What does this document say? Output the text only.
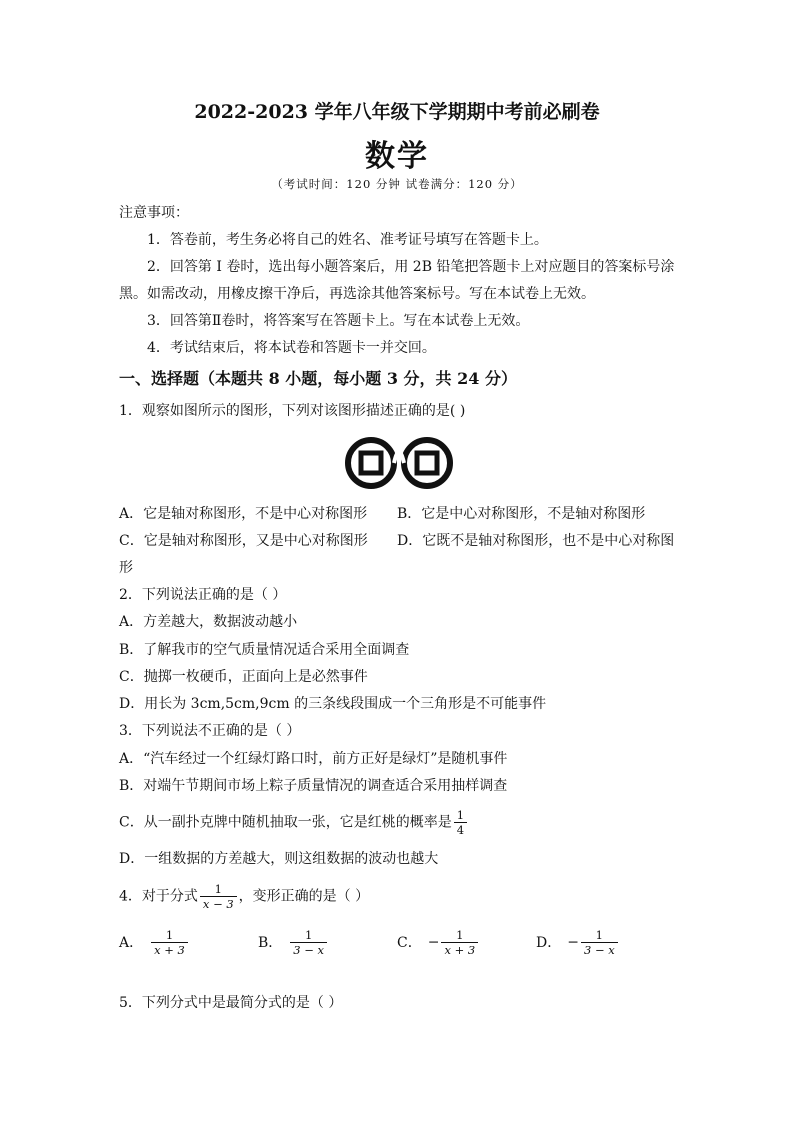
2022-2023 学年八年级下学期期中考前必刷卷
数学
（考试时间：120 分钟 试卷满分：120 分）
注意事项：
1．答卷前，考生务必将自己的姓名、准考证号填写在答题卡上。
2．回答第 I 卷时，选出每小题答案后，用 2B 铅笔把答题卡上对应题目的答案标号涂
黑。如需改动，用橡皮擦干净后，再选涂其他答案标号。写在本试卷上无效。
3．回答第Ⅱ卷时，将答案写在答题卡上。写在本试卷上无效。
4．考试结束后，将本试卷和答题卡一并交回。
一、选择题（本题共 8 小题，每小题 3 分，共 24 分）
1．观察如图所示的图形，下列对该图形描述正确的是( )
A．它是轴对称图形，不是中心对称图形 B．它是中心对称图形，不是轴对称图形
C．它是轴对称图形，又是中心对称图形 D．它既不是轴对称图形，也不是中心对称图
形
2．下列说法正确的是（ ）
A．方差越大，数据波动越小
B．了解我市的空气质量情况适合采用全面调查
C．抛掷一枚硬币，正面向上是必然事件
D．用长为 3cm,5cm,9cm 的三条线段围成一个三角形是不可能事件
3．下列说法不正确的是（ ）
A．“汽车经过一个红绿灯路口时，前方正好是绿灯”是随机事件
B．对端午节期间市场上粽子质量情况的调查适合采用抽样调查
C．从一副扑克牌中随机抽取一张，它是红桃的概率是 $\frac{1}{4}$
D．一组数据的方差越大，则这组数据的波动也越大
4．对于分式 $\frac{1}{x - 3}$ ，变形正确的是（ ）
A． $\frac{1}{x + 3}$	B． $\frac{1}{3 - x}$	C． − $\frac{1}{x + 3}$	D． − $\frac{1}{3 - x}$
5．下列分式中是最简分式的是（ ）
